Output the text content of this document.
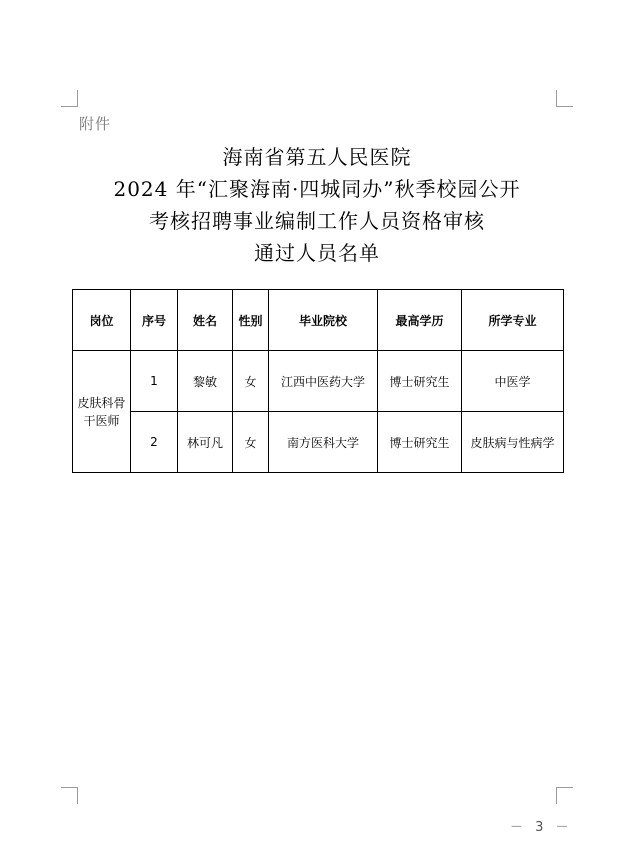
附件
海南省第五人民医院
2024 年“汇聚海南·四城同办”秋季校园公开
考核招聘事业编制工作人员资格审核
通过人员名单
岗位	序号	姓名	性别	毕业院校	最高学历	所学专业
皮肤科骨干医师	1	黎敏	女	江西中医药大学	博士研究生	中医学
	2	林可凡	女	南方医科大学	博士研究生	皮肤病与性病学
－ 3 －
